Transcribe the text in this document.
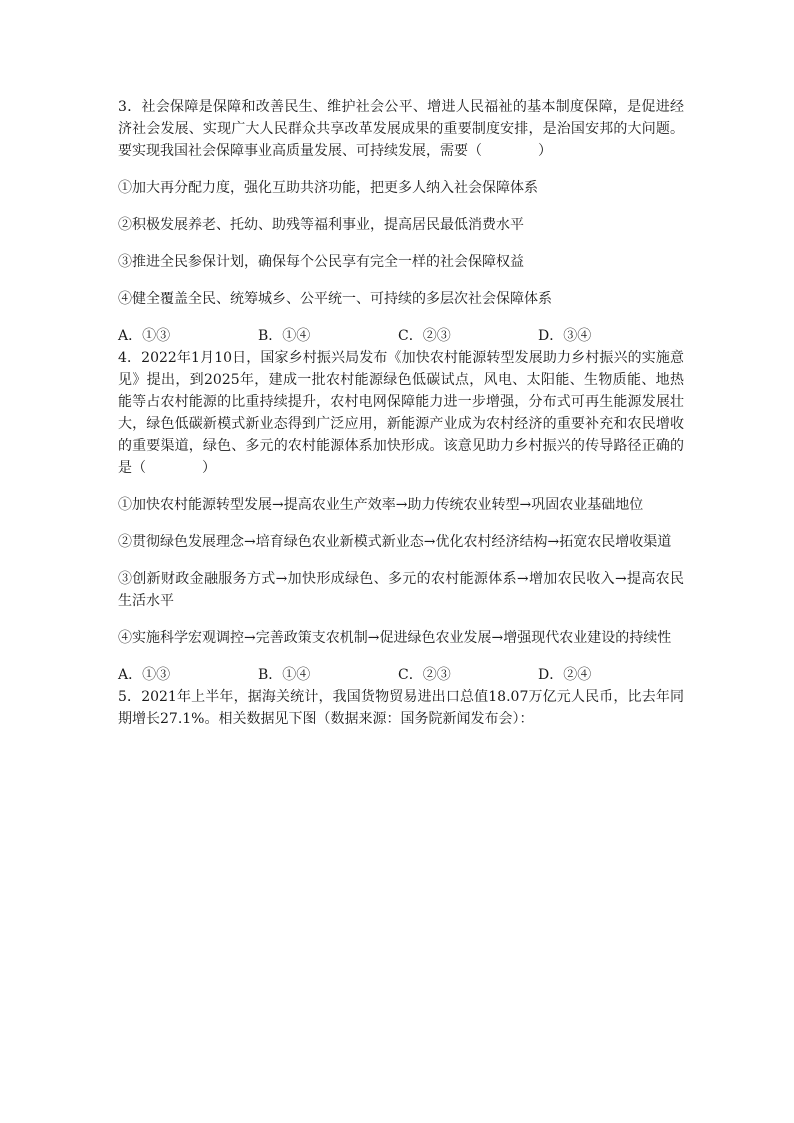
3．社会保障是保障和改善民生、维护社会公平、增进人民福祉的基本制度保障，是促进经济社会发展、实现广大人民群众共享改革发展成果的重要制度安排，是治国安邦的大问题。要实现我国社会保障事业高质量发展、可持续发展，需要（　　　　）

①加大再分配力度，强化互助共济功能，把更多人纳入社会保障体系

②积极发展养老、托幼、助残等福利事业，提高居民最低消费水平

③推进全民参保计划，确保每个公民享有完全一样的社会保障权益

④健全覆盖全民、统筹城乡、公平统一、可持续的多层次社会保障体系

A．①③	B．①④	C．②③	D．③④

4．2022年1月10日，国家乡村振兴局发布《加快农村能源转型发展助力乡村振兴的实施意见》提出，到2025年，建成一批农村能源绿色低碳试点，风电、太阳能、生物质能、地热能等占农村能源的比重持续提升，农村电网保障能力进一步增强，分布式可再生能源发展壮大，绿色低碳新模式新业态得到广泛应用，新能源产业成为农村经济的重要补充和农民增收的重要渠道，绿色、多元的农村能源体系加快形成。该意见助力乡村振兴的传导路径正确的是（　　　　）

①加快农村能源转型发展→提高农业生产效率→助力传统农业转型→巩固农业基础地位

②贯彻绿色发展理念→培育绿色农业新模式新业态→优化农村经济结构→拓宽农民增收渠道

③创新财政金融服务方式→加快形成绿色、多元的农村能源体系→增加农民收入→提高农民生活水平

④实施科学宏观调控→完善政策支农机制→促进绿色农业发展→增强现代农业建设的持续性

A．①③	B．①④	C．②③	D．②④

5．2021年上半年，据海关统计，我国货物贸易进出口总值18.07万亿元人民币，比去年同期增长27.1%。相关数据见下图（数据来源：国务院新闻发布会）：
